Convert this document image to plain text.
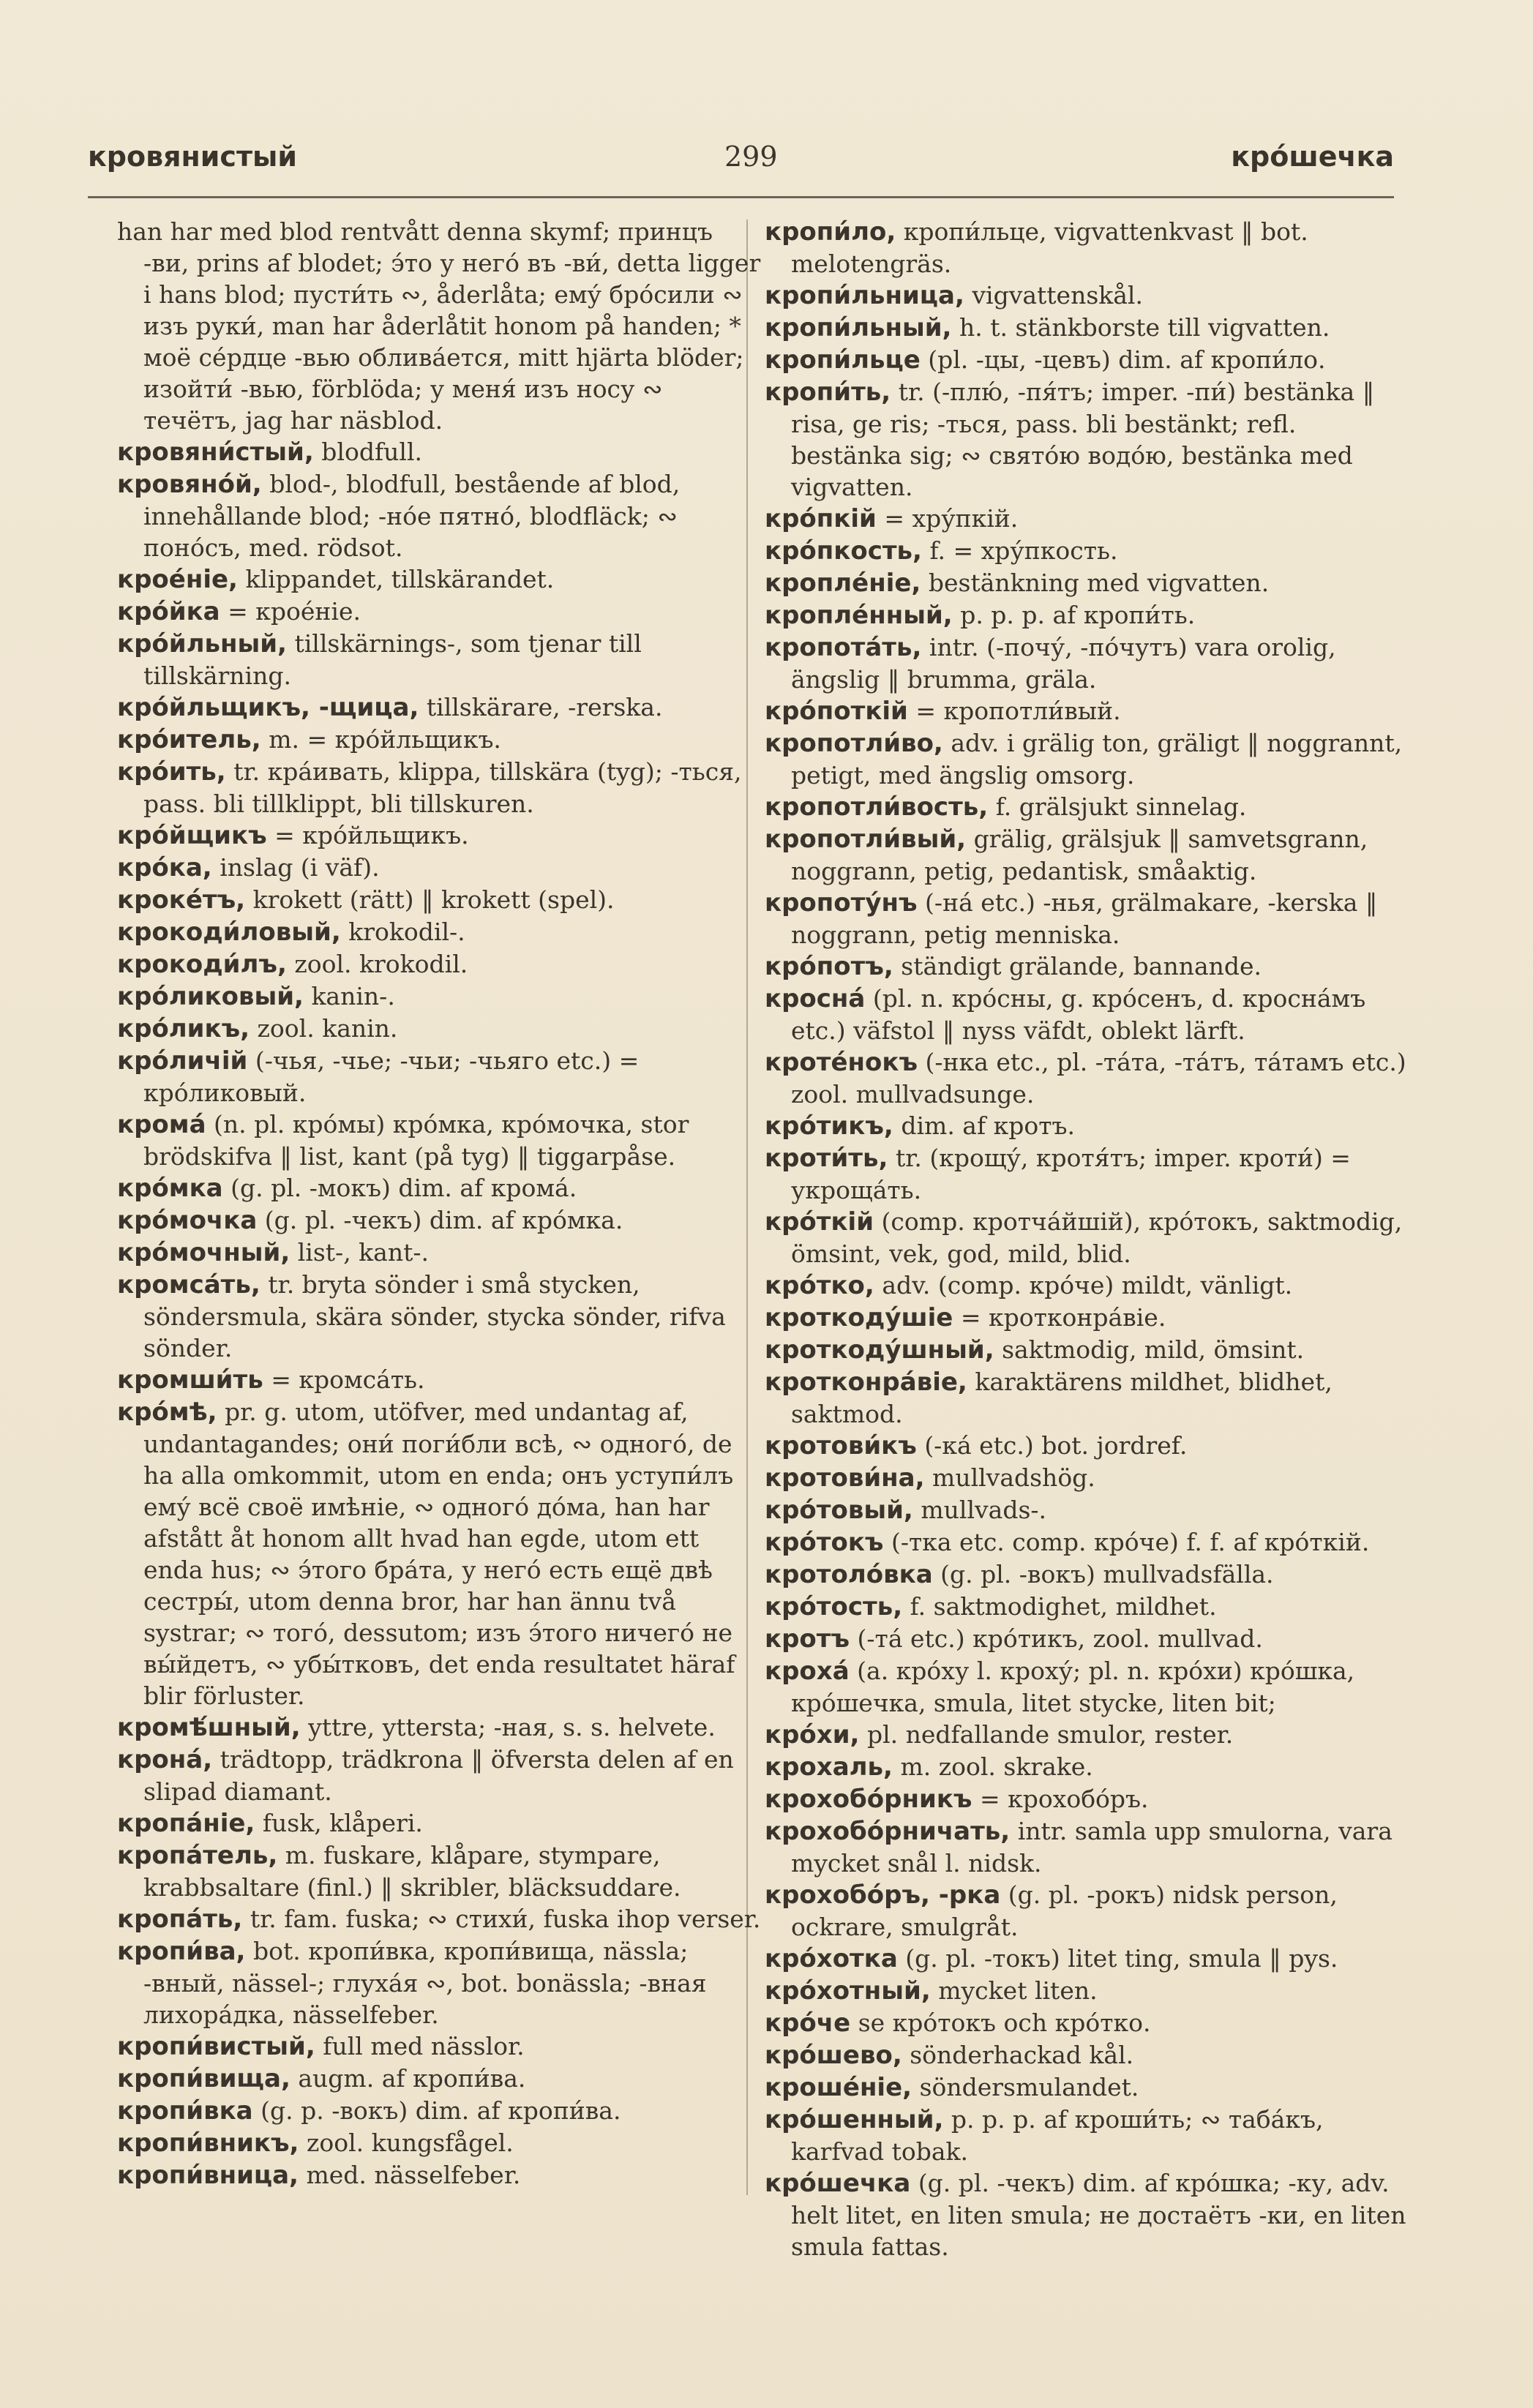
кровянистый	299	крóшечка
han har med blod rentvått denna skymf; принцъ -ви, prins af blodet; э́то у него́ въ -ви́, detta ligger i hans blod; пусти́ть ∾, åderlåta; ему́ бро́сили ∾ изъ руки́, man har åderlåtit honom på handen; * моё се́рдце -вью облива́ется, mitt hjärta blöder; изойти́ -вью, förblöda; у меня́ изъ носу ∾ течётъ, jag har näsblod.
кровяни́стый, blodfull.
кровяно́й, blod-, blodfull, bestående af blod, innehållande blod; -но́е пятно́, blodfläck; ∾ поно́съ, med. rödsot.
кроéніе, klippandet, tillskärandet.
кро́йка = кроéніе.
кро́йльный, tillskärnings-, som tjenar till tillskärning.
кро́йльщикъ, -щица, tillskärare, -rerska.
кро́итель, m. = кро́йльщикъ.
кро́ить, tr. кра́ивать, klippa, tillskära (tyg); -ться, pass. bli tillklippt, bli tillskuren.
кро́йщикъ = кро́йльщикъ.
кро́ка, inslag (i väf).
кроке́тъ, krokett (rätt) ‖ krokett (spel).
крокоди́ловый, krokodil-.
крокоди́лъ, zool. krokodil.
кро́ликовый, kanin-.
кро́ликъ, zool. kanin.
кро́личій (-чья, -чье; -чьи; -чьяго etc.) = кро́ликовый.
крома́ (n. pl. кро́мы) кро́мка, кро́мочка, stor brödskifva ‖ list, kant (på tyg) ‖ tiggarpåse.
кро́мка (g. pl. -мокъ) dim. af крома́.
кро́мочка (g. pl. -чекъ) dim. af кро́мка.
кро́мочный, list-, kant-.
кромса́ть, tr. bryta sönder i små stycken, söndersmula, skära sönder, stycka sönder, rifva sönder.
кромши́ть = кромса́ть.
кро́мѣ, pr. g. utom, utöfver, med undantag af, undantagandes; они́ поги́бли всѣ, ∾ одного́, de ha alla omkommit, utom en enda; онъ уступи́лъ ему́ всё своё имѣніе, ∾ одного́ до́ма, han har afstått åt honom allt hvad han egde, utom ett enda hus; ∾ э́того бра́та, у него́ есть ещё двѣ сестры́, utom denna bror, har han ännu två systrar; ∾ того́, dessutom; изъ э́того ничего́ не вы́йдетъ, ∾ убы́тковъ, det enda resultatet häraf blir förluster.
кромѣ́шный, yttre, yttersta; -ная, s. s. helvete.
крона́, trädtopp, trädkrona ‖ öfversta delen af en slipad diamant.
кропа́ніе, fusk, klåperi.
кропа́тель, m. fuskare, klåpare, stympare, krabbsaltare (finl.) ‖ skribler, bläcksuddare.
кропа́ть, tr. fam. fuska; ∾ стихи́, fuska ihop verser.
кропи́ва, bot. кропи́вка, кропи́вища, nässla; -вный, nässel-; глуха́я ∾, bot. bonässla; -вная лихора́дка, nässelfeber.
кропи́вистый, full med nässlor.
кропи́вища, augm. af кропи́ва.
кропи́вка (g. p. -вокъ) dim. af кропи́ва.
кропи́вникъ, zool. kungsfågel.
кропи́вница, med. nässelfeber.
кропи́ло, кропи́льце, vigvattenkvast ‖ bot. melotengräs.
кропи́льница, vigvattenskål.
кропи́льный, h. t. stänkborste till vigvatten.
кропи́льце (pl. -цы, -цевъ) dim. af кропи́ло.
кропи́ть, tr. (-плю́, -пя́тъ; imper. -пи́) bestänka ‖ risa, ge ris; -ться, pass. bli bestänkt; refl. bestänka sig; ∾ свято́ю водо́ю, bestänka med vigvatten.
кро́пкій = хру́пкій.
кро́пкость, f. = хру́пкость.
кропле́ніе, bestänkning med vigvatten.
кропле́нный, p. p. p. af кропи́ть.
кропота́ть, intr. (-почу́, -по́чутъ) vara orolig, ängslig ‖ brumma, gräla.
кро́поткій = кропотли́вый.
кропотли́во, adv. i grälig ton, gräligt ‖ noggrannt, petigt, med ängslig omsorg.
кропотли́вость, f. grälsjukt sinnelag.
кропотли́вый, grälig, grälsjuk ‖ samvetsgrann, noggrann, petig, pedantisk, småaktig.
кропоту́нъ (-на́ etc.) -нья, grälmakare, -kerska ‖ noggrann, petig menniska.
кро́потъ, ständigt grälande, bannande.
кросна́ (pl. n. кро́сны, g. кро́сенъ, d. кросна́мъ etc.) väfstol ‖ nyss väfdt, oblekt lärft.
кроте́нокъ (-нка etc., pl. -та́та, -та́тъ, та́тамъ etc.) zool. mullvadsunge.
кро́тикъ, dim. af кротъ.
кроти́ть, tr. (крощу́, кротя́тъ; imper. кроти́) = укроща́ть.
кро́ткій (comp. кротча́йшій), кро́токъ, saktmodig, ömsint, vek, god, mild, blid.
кро́тко, adv. (comp. кро́че) mildt, vänligt.
кроткоду́шіе = кротконра́віе.
кроткоду́шный, saktmodig, mild, ömsint.
кротконра́віе, karaktärens mildhet, blidhet, saktmod.
кротови́къ (-ка́ etc.) bot. jordref.
кротови́на, mullvadshög.
кро́товый, mullvads-.
кро́токъ (-тка etc. comp. кро́че) f. f. af кро́ткій.
кротоло́вка (g. pl. -вокъ) mullvadsfälla.
кро́тость, f. saktmodighet, mildhet.
кротъ (-та́ etc.) кро́тикъ, zool. mullvad.
кроха́ (a. кро́ху l. кроху́; pl. n. кро́хи) кро́шка, кро́шечка, smula, litet stycke, liten bit;
кро́хи, pl. nedfallande smulor, rester.
крохаль, m. zool. skrake.
крохобо́рникъ = крохобо́ръ.
крохобо́рничать, intr. samla upp smulorna, vara mycket snål l. nidsk.
крохобо́ръ, -рка (g. pl. -рокъ) nidsk person, ockrare, smulgråt.
кро́хотка (g. pl. -токъ) litet ting, smula ‖ pys.
кро́хотный, mycket liten.
кро́че se кро́токъ och кро́тко.
кро́шево, sönderhackad kål.
кроше́ніе, söndersmulandet.
кро́шенный, p. p. p. af кроши́ть; ∾ таба́къ, karfvad tobak.
кро́шечка (g. pl. -чекъ) dim. af кро́шка; -ку, adv. helt litet, en liten smula; не достаётъ -ки, en liten smula fattas.
